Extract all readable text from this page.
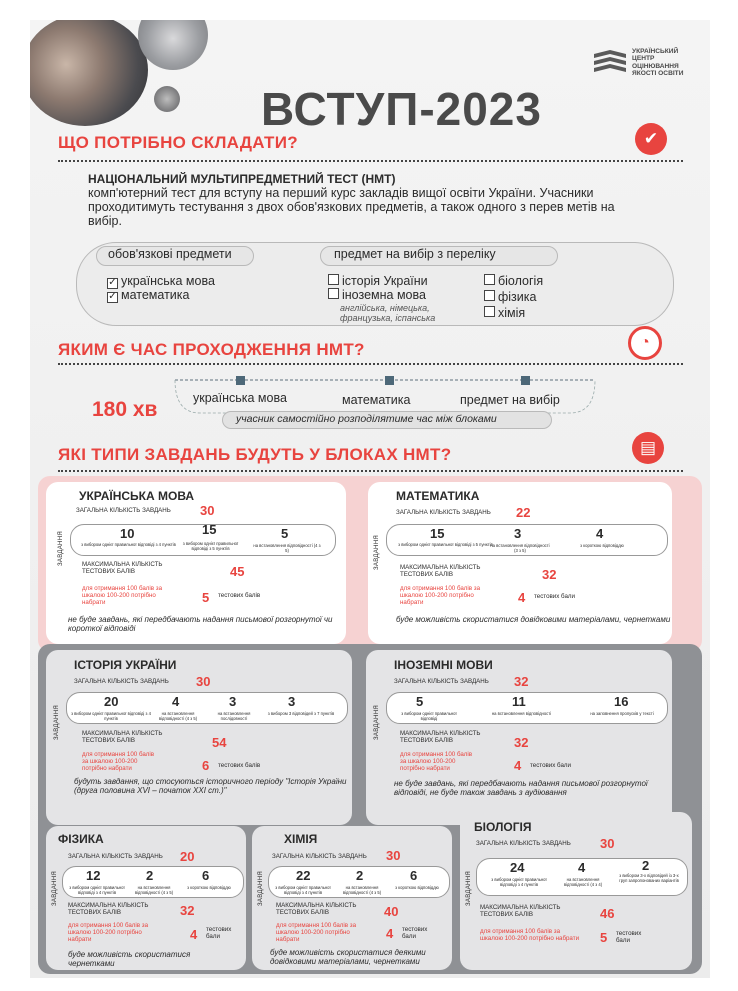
ВСТУП-2023
УКРАЇНСЬКИЙ
ЦЕНТР
ОЦІНЮВАННЯ
ЯКОСТІ ОСВІТИ
ЩО ПОТРІБНО СКЛАДАТИ?	✔
НАЦІОНАЛЬНИЙ МУЛЬТИПРЕДМЕТНИЙ ТЕСТ (НМТ)
комп'ютерний тест для вступу на перший курс закладів вищої освіти України. Учасники проходитимуть тестування з двох обов'язкових предметів, а також одного з перев метів на вибір.
обов'язкові предмети	предмет на вибір з переліку
✓ українська мова
✓ математика
історія України
іноземна мова
англійська, німецька, французька, іспанська
біологія
фізика
хімія
ЯКИМ Є ЧАС ПРОХОДЖЕННЯ НМТ?	◔
180 хв	українська мова	математика	предмет на вибір
учасник самостійно розподілятиме час між блоками
ЯКІ ТИПИ ЗАВДАНЬ БУДУТЬ У БЛОКАХ НМТ?	▤
УКРАЇНСЬКА МОВА
ЗАГАЛЬНА КІЛЬКІСТЬ ЗАВДАНЬ 30
ЗАВДАННЯ	10
з вибором однієї правильної відповіді з 4 пунктів
15
з вибором однієї правильної відповіді з 5 пунктів
5
на встановлення відповідності (4 з 5)
МАКСИМАЛЬНА КІЛЬКІСТЬ ТЕСТОВИХ БАЛІВ	45
для отримання 100 балів за шкалою 100-200 потрібно набрати	5 тестових балів
не буде завдань, які передбачають надання письмової розгорнутої чи короткої відповіді
МАТЕМАТИКА
ЗАГАЛЬНА КІЛЬКІСТЬ ЗАВДАНЬ 22
ЗАВДАННЯ
15
з вибором однієї правильної відповіді з 5 пунктів
3
на встановлення відповідності (3 з 5)
4
з короткою відповіддю
МАКСИМАЛЬНА КІЛЬКІСТЬ ТЕСТОВИХ БАЛІВ	32
для отримання 100 балів за шкалою 100-200 потрібно набрати	4 тестових бали
буде можливість скористатися довідковими матеріалами, чернетками
ІСТОРІЯ УКРАЇНИ
ЗАГАЛЬНА КІЛЬКІСТЬ ЗАВДАНЬ 30
ЗАВДАННЯ
20
з вибором однієї правильної відповіді з 4 пунктів
4
на встановлення відповідності (4 з 5)
3
на встановлення послідовності
3
з вибором 3 відповідей з 7 пунктів
МАКСИМАЛЬНА КІЛЬКІСТЬ ТЕСТОВИХ БАЛІВ	54
для отримання 100 балів за шкалою 100-200 потрібно набрати	6 тестових балів
будуть завдання, що стосуються історичного періоду "Історія України (друга половина XVI – початок XXI ст.)"
ІНОЗЕМНІ МОВИ
ЗАГАЛЬНА КІЛЬКІСТЬ ЗАВДАНЬ 32
ЗАВДАННЯ
5
з вибором однієї правильної відповіді
11
на встановлення відповідності
16
на заповнення пропусків у тексті
МАКСИМАЛЬНА КІЛЬКІСТЬ ТЕСТОВИХ БАЛІВ	32
для отримання 100 балів за шкалою 100-200 потрібно набрати	4 тестових бали
не буде завдань, які передбачають надання письмової розгорнутої відповіді, не буде також завдань з аудіювання
ФІЗИКА
ЗАГАЛЬНА КІЛЬКІСТЬ ЗАВДАНЬ 20
ЗАВДАННЯ 12
з вибором однієї правильної відповіді з 4 пунктів
2
на встановлення відповідності (4 з 5)
6
з короткою відповіддю
МАКСИМАЛЬНА КІЛЬКІСТЬ ТЕСТОВИХ БАЛІВ	32
для отримання 100 балів за шкалою 100-200 потрібно набрати	4 тестових бали
буде можливість скористатися чернетками
ХІМІЯ
ЗАГАЛЬНА КІЛЬКІСТЬ ЗАВДАНЬ 30
ЗАВДАННЯ 22
з вибором однієї правильної відповіді з 4 пунктів
2
на встановлення відповідності (4 з 5)
6
з короткою відповіддю
МАКСИМАЛЬНА КІЛЬКІСТЬ ТЕСТОВИХ БАЛІВ	40
для отримання 100 балів за шкалою 100-200 потрібно набрати	4 тестових бали
буде можливість скористатися деякими довідковими матеріалами, чернетками
БІОЛОГІЯ
ЗАГАЛЬНА КІЛЬКІСТЬ ЗАВДАНЬ 30
ЗАВДАННЯ
24
з вибором однієї правильної відповіді з 4 пунктів
4
на встановлення відповідності (4 з 4)
2
з вибором 3-х відповідей із 3-х груп запропонованих варіантів
МАКСИМАЛЬНА КІЛЬКІСТЬ ТЕСТОВИХ БАЛІВ	46
для отримання 100 балів за шкалою 100-200 потрібно набрати 5 тестових бали
